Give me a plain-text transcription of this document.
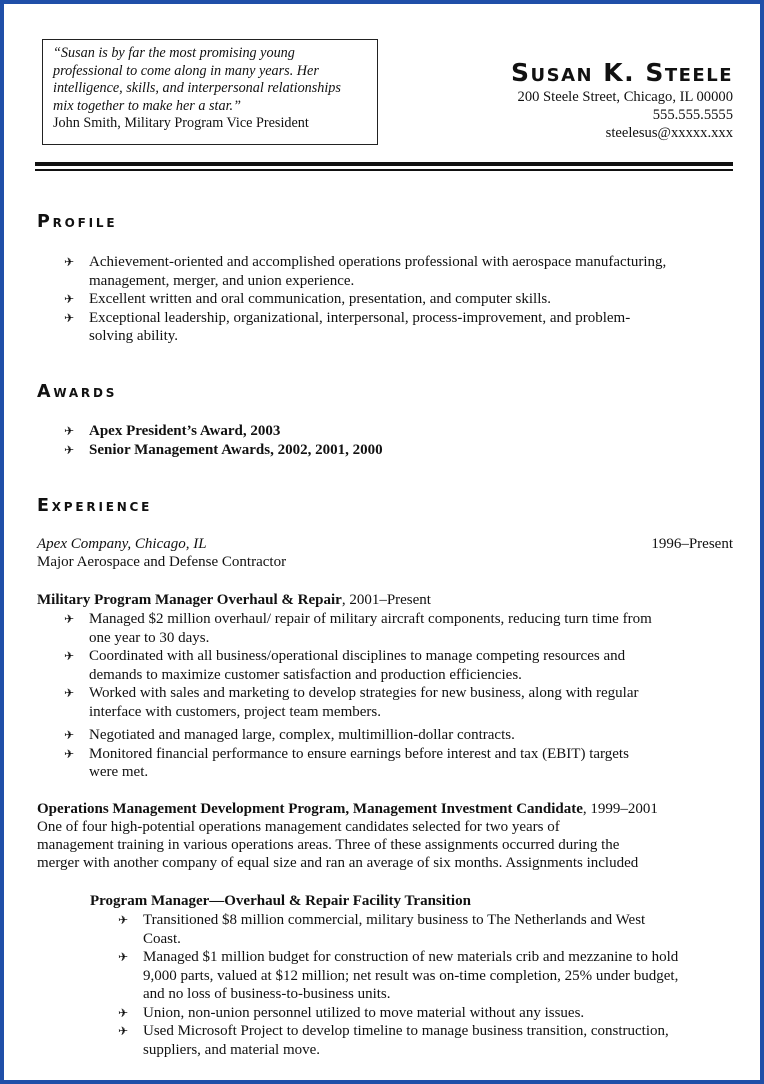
“Susan is by far the most promising young
professional to come along in many years. Her
intelligence, skills, and interpersonal relationships
mix together to make her a star.”
John Smith, Military Program Vice President
Susan K. Steele
200 Steele Street, Chicago, IL 00000
555.555.5555
steelesus@xxxxx.xxx
Profile
✈ Achievement-oriented and accomplished operations professional with aerospace manufacturing,
management, merger, and union experience.
✈ Excellent written and oral communication, presentation, and computer skills.
✈ Exceptional leadership, organizational, interpersonal, process-improvement, and problem-
solving ability.
Awards
✈ Apex President’s Award, 2003
✈ Senior Management Awards, 2002, 2001, 2000
Experience
Apex Company, Chicago, IL	1996–Present
Major Aerospace and Defense Contractor
Military Program Manager Overhaul & Repair, 2001–Present
✈ Managed $2 million overhaul/ repair of military aircraft components, reducing turn time from
one year to 30 days.
✈ Coordinated with all business/operational disciplines to manage competing resources and
demands to maximize customer satisfaction and production efficiencies.
✈ Worked with sales and marketing to develop strategies for new business, along with regular
interface with customers, project team members.
✈ Negotiated and managed large, complex, multimillion-dollar contracts.
✈ Monitored financial performance to ensure earnings before interest and tax (EBIT) targets
were met.
Operations Management Development Program, Management Investment Candidate, 1999–2001
One of four high-potential operations management candidates selected for two years of
management training in various operations areas. Three of these assignments occurred during the
merger with another company of equal size and ran an average of six months. Assignments included
Program Manager—Overhaul & Repair Facility Transition
✈ Transitioned $8 million commercial, military business to The Netherlands and West
Coast.
✈ Managed $1 million budget for construction of new materials crib and mezzanine to hold
9,000 parts, valued at $12 million; net result was on-time completion, 25% under budget,
and no loss of business-to-business units.
✈ Union, non-union personnel utilized to move material without any issues.
✈ Used Microsoft Project to develop timeline to manage business transition, construction,
suppliers, and material move.
